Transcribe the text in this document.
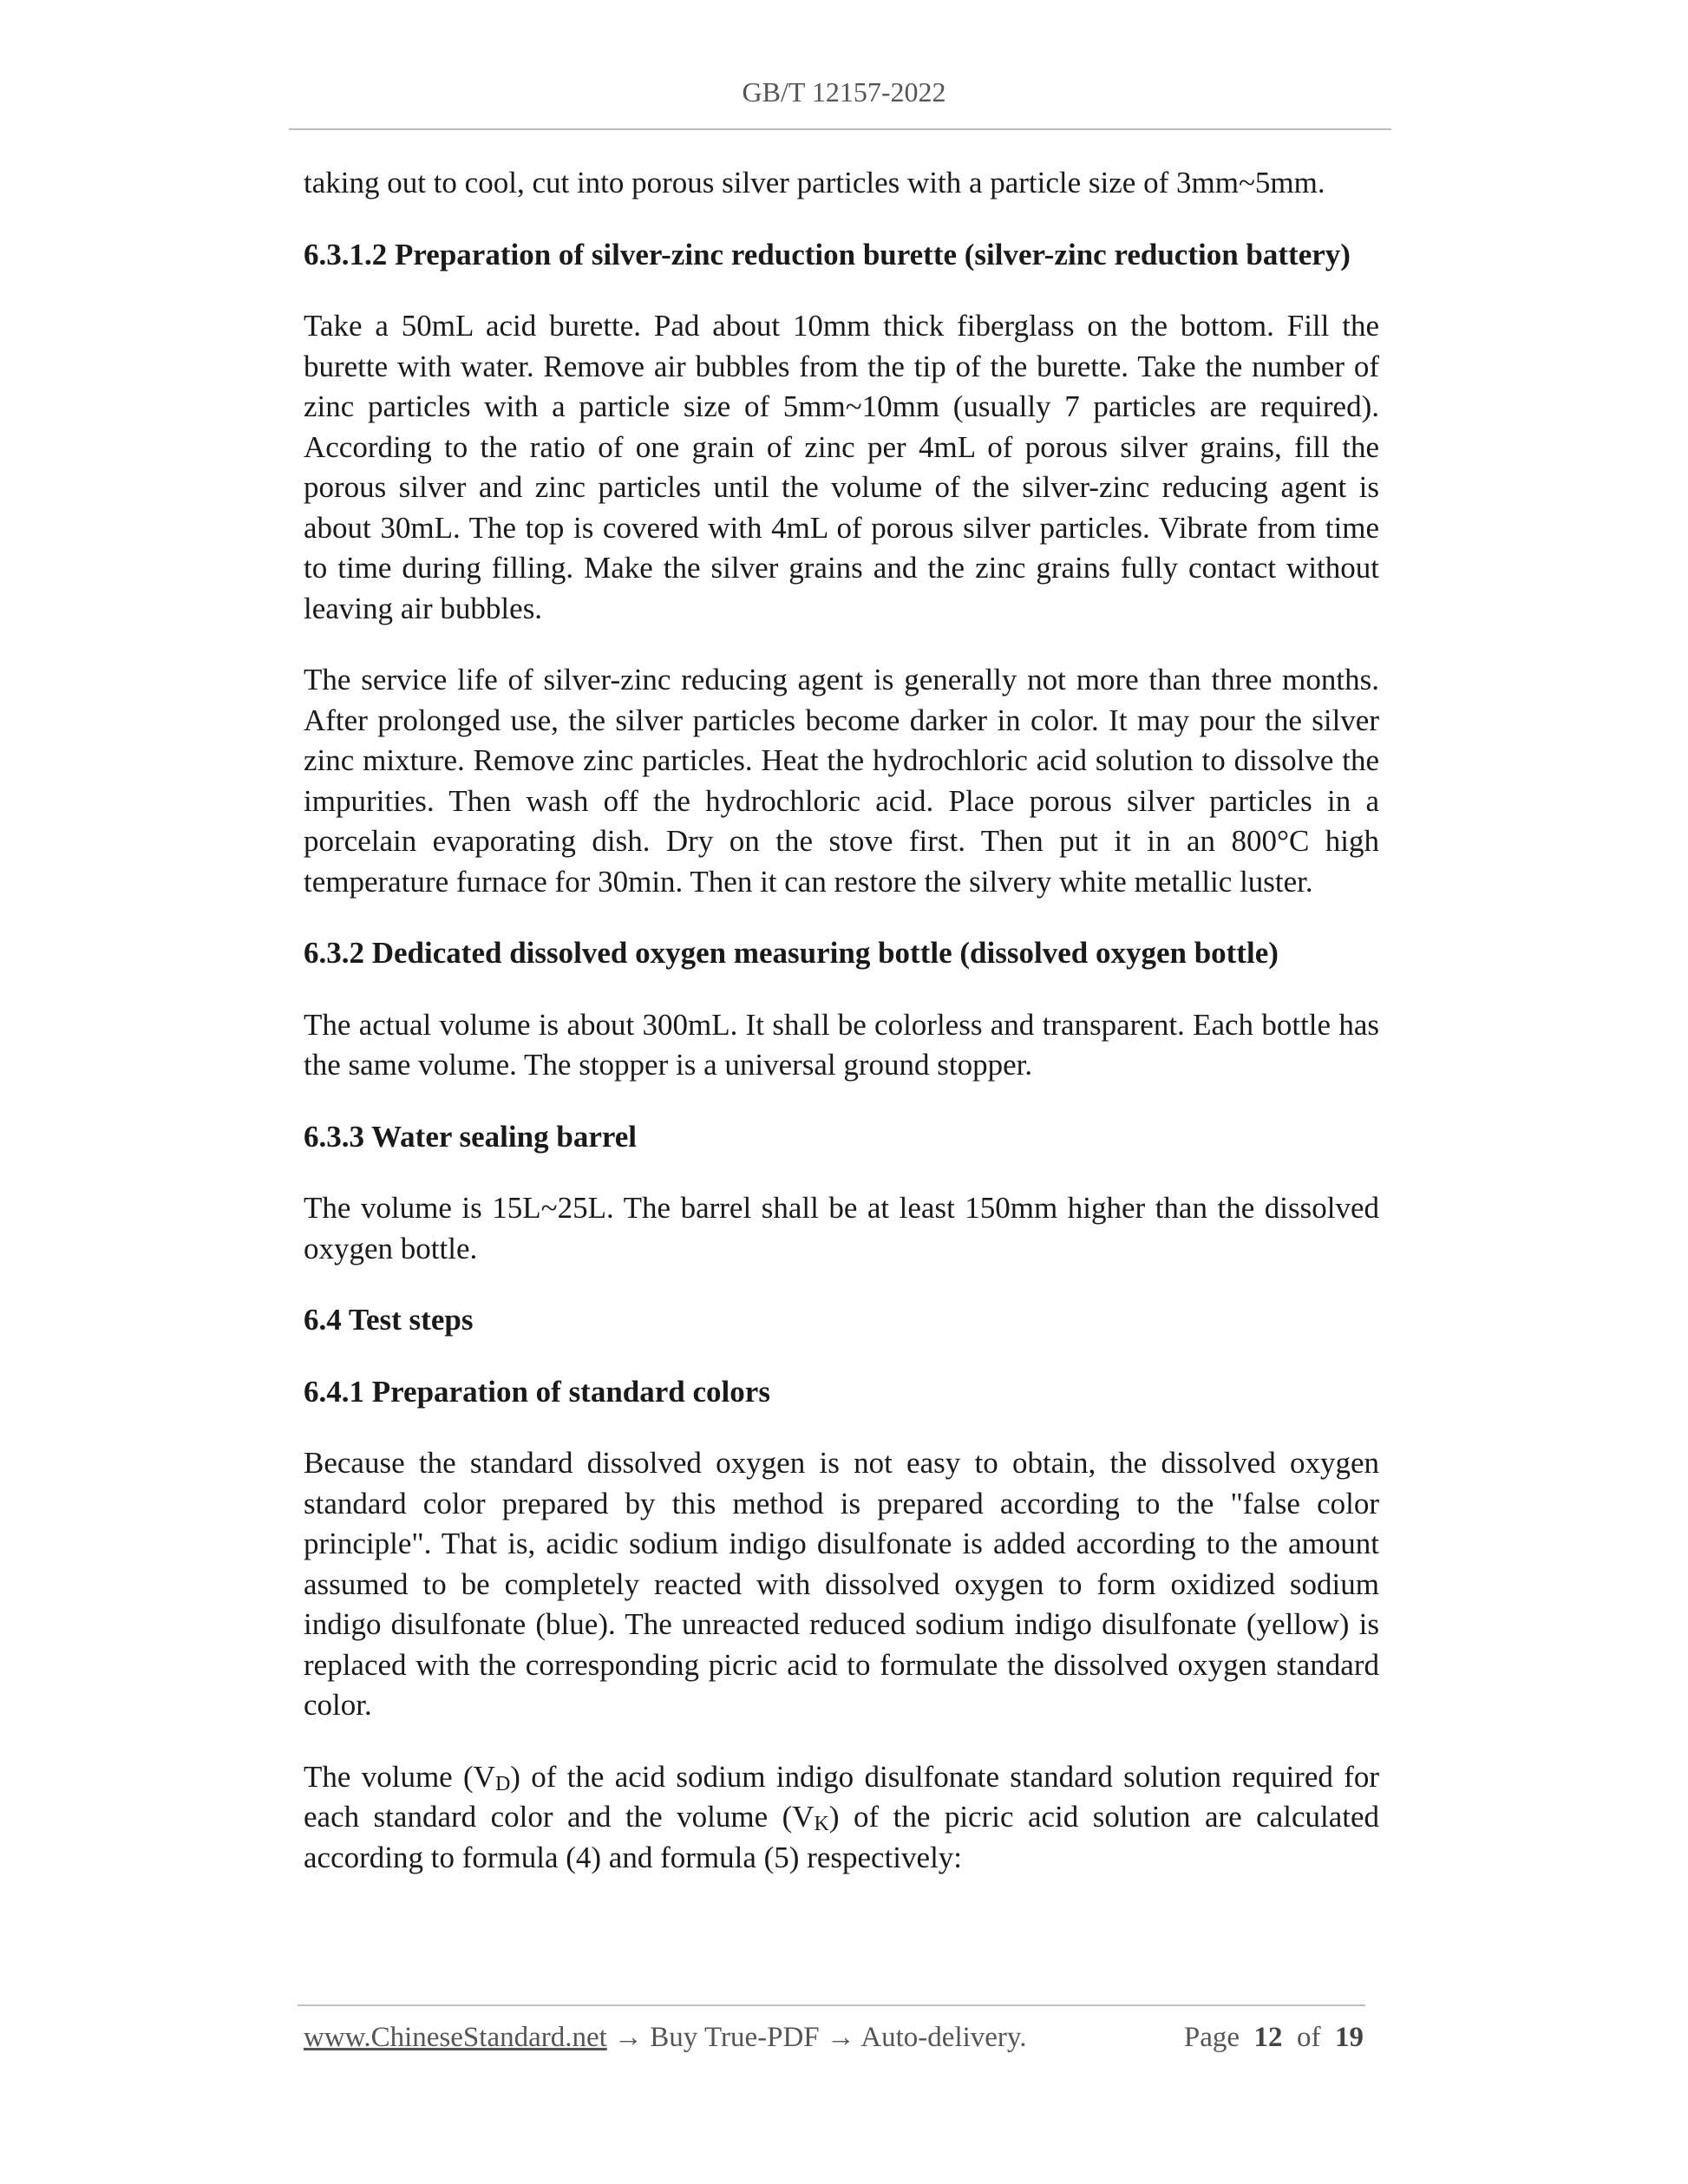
GB/T 12157-2022

taking out to cool, cut into porous silver particles with a particle size of 3mm~5mm.

6.3.1.2 Preparation of silver-zinc reduction burette (silver-zinc reduction battery)

Take a 50mL acid burette. Pad about 10mm thick fiberglass on the bottom. Fill the burette with water. Remove air bubbles from the tip of the burette. Take the number of zinc particles with a particle size of 5mm~10mm (usually 7 particles are required). According to the ratio of one grain of zinc per 4mL of porous silver grains, fill the porous silver and zinc particles until the volume of the silver-zinc reducing agent is about 30mL. The top is covered with 4mL of porous silver particles. Vibrate from time to time during filling. Make the silver grains and the zinc grains fully contact without leaving air bubbles.

The service life of silver-zinc reducing agent is generally not more than three months. After prolonged use, the silver particles become darker in color. It may pour the silver zinc mixture. Remove zinc particles. Heat the hydrochloric acid solution to dissolve the impurities. Then wash off the hydrochloric acid. Place porous silver particles in a porcelain evaporating dish. Dry on the stove first. Then put it in an 800°C high temperature furnace for 30min. Then it can restore the silvery white metallic luster.

6.3.2 Dedicated dissolved oxygen measuring bottle (dissolved oxygen bottle)

The actual volume is about 300mL. It shall be colorless and transparent. Each bottle has the same volume. The stopper is a universal ground stopper.

6.3.3 Water sealing barrel

The volume is 15L~25L. The barrel shall be at least 150mm higher than the dissolved oxygen bottle.

6.4 Test steps
6.4.1 Preparation of standard colors

Because the standard dissolved oxygen is not easy to obtain, the dissolved oxygen standard color prepared by this method is prepared according to the "false color principle". That is, acidic sodium indigo disulfonate is added according to the amount assumed to be completely reacted with dissolved oxygen to form oxidized sodium indigo disulfonate (blue). The unreacted reduced sodium indigo disulfonate (yellow) is replaced with the corresponding picric acid to formulate the dissolved oxygen standard color.

The volume $(V_D)$ of the acid sodium indigo disulfonate standard solution required for each standard color and the volume $(V_K)$ of the picric acid solution are calculated according to formula (4) and formula (5) respectively:

www.ChineseStandard.net → Buy True-PDF → Auto-delivery.	Page 12 of 19
